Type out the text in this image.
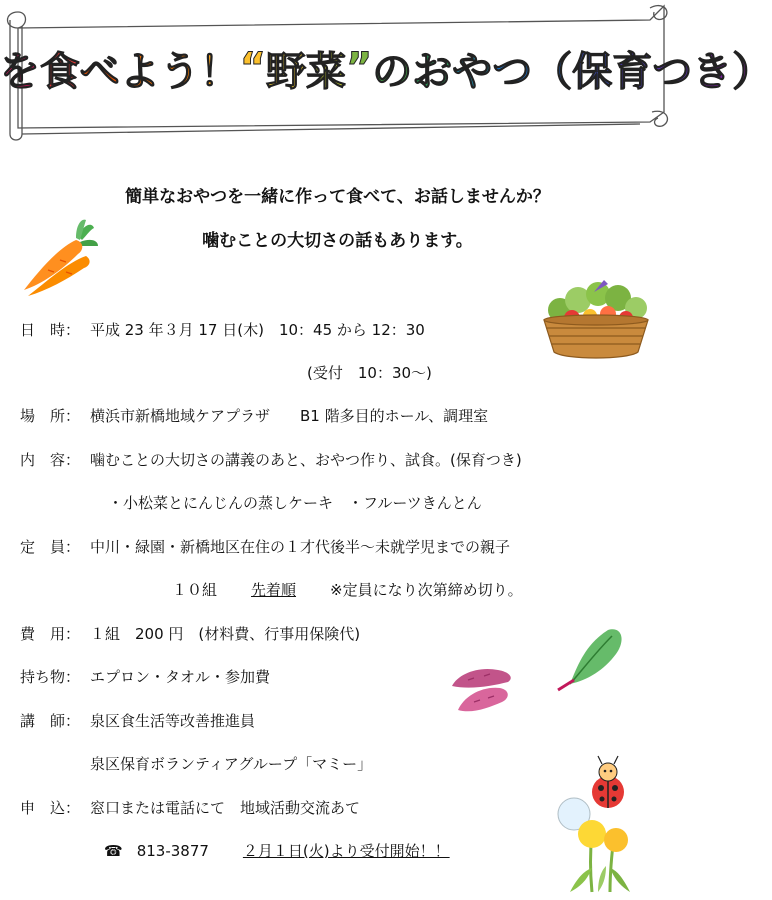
を 食 べ よ う ！ “ 野 菜 ” の お や つ （ 保 育 つ き ）
簡単なおやつを一緒に作って食べて、お話しませんか？
噛むことの大切さの話もあります。
日　時： 平成 23 年３月 17 日(木)　10：45 から 12：30
(受付　10：30～)
場　所： 横浜市新橋地域ケアプラザ　　B1 階多目的ホール、調理室
内　容： 噛むことの大切さの講義のあと、おやつ作り、試食。(保育つき)
・小松菜とにんじんの蒸しケーキ　・フルーツきんとん
定　員： 中川・緑園・新橋地区在住の１才代後半～未就学児までの親子
１０組 先着順 ※定員になり次第締め切り。
費　用： １組　200 円　(材料費、行事用保険代)
持ち物： エプロン・タオル・参加費
講　師： 泉区食生活等改善推進員
泉区保育ボランティアグループ「マミー」
申　込： 窓口または電話にて　地域活動交流あて
☎ 813-3877 ２月１日(火)より受付開始！！
